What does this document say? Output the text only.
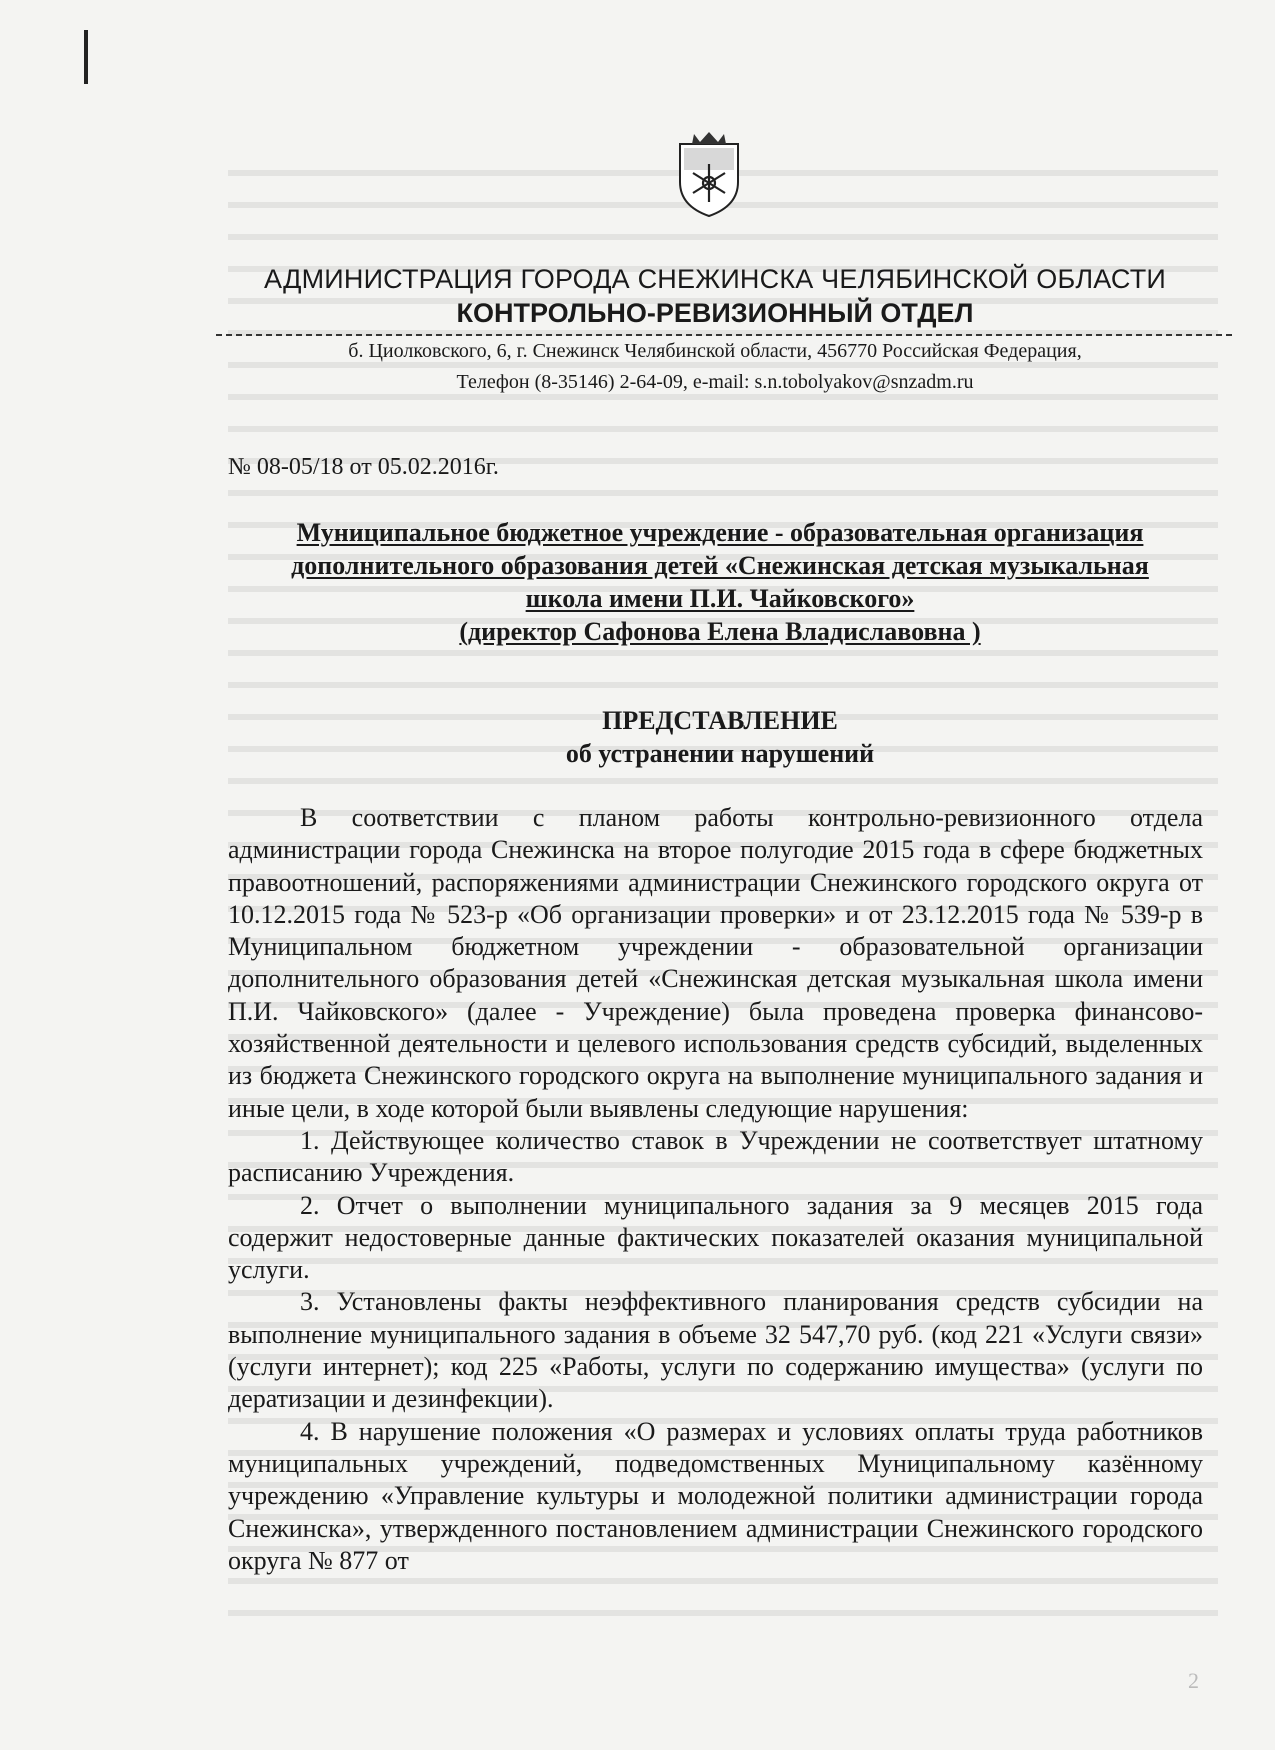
АДМИНИСТРАЦИЯ ГОРОДА СНЕЖИНСКА ЧЕЛЯБИНСКОЙ ОБЛАСТИ
КОНТРОЛЬНО-РЕВИЗИОННЫЙ ОТДЕЛ
б. Циолковского, 6, г. Снежинск Челябинской области, 456770 Российская Федерация,
Телефон (8-35146) 2-64-09, e-mail: s.n.tobolyakov@snzadm.ru
№ 08-05/18 от 05.02.2016г.
Муниципальное бюджетное учреждение - образовательная организация
дополнительного образования детей «Снежинская детская музыкальная
школа имени П.И. Чайковского»
(директор Сафонова Елена Владиславовна )
ПРЕДСТАВЛЕНИЕ
об устранении нарушений

В соответствии с планом работы контрольно-ревизионного отдела администрации города Снежинска на второе полугодие 2015 года в сфере бюджетных правоотношений, распоряжениями администрации Снежинского городского округа от 10.12.2015 года № 523-р «Об организации проверки» и от 23.12.2015 года № 539-р в Муниципальном бюджетном учреждении - образовательной организации дополнительного образования детей «Снежинская детская музыкальная школа имени П.И. Чайковского» (далее - Учреждение) была проведена проверка финансово-хозяйственной деятельности и целевого использования средств субсидий, выделенных из бюджета Снежинского городского округа на выполнение муниципального задания и иные цели, в ходе которой были выявлены следующие нарушения:

1. Действующее количество ставок в Учреждении не соответствует штатному расписанию Учреждения.

2. Отчет о выполнении муниципального задания за 9 месяцев 2015 года содержит недостоверные данные фактических показателей оказания муниципальной услуги.

3. Установлены факты неэффективного планирования средств субсидии на выполнение муниципального задания в объеме 32 547,70 руб. (код 221 «Услуги связи» (услуги интернет); код 225 «Работы, услуги по содержанию имущества» (услуги по дератизации и дезинфекции).

4. В нарушение положения «О размерах и условиях оплаты труда работников муниципальных учреждений, подведомственных Муниципальному казённому учреждению «Управление культуры и молодежной политики администрации города Снежинска», утвержденного постановлением администрации Снежинского городского округа № 877 от

2
